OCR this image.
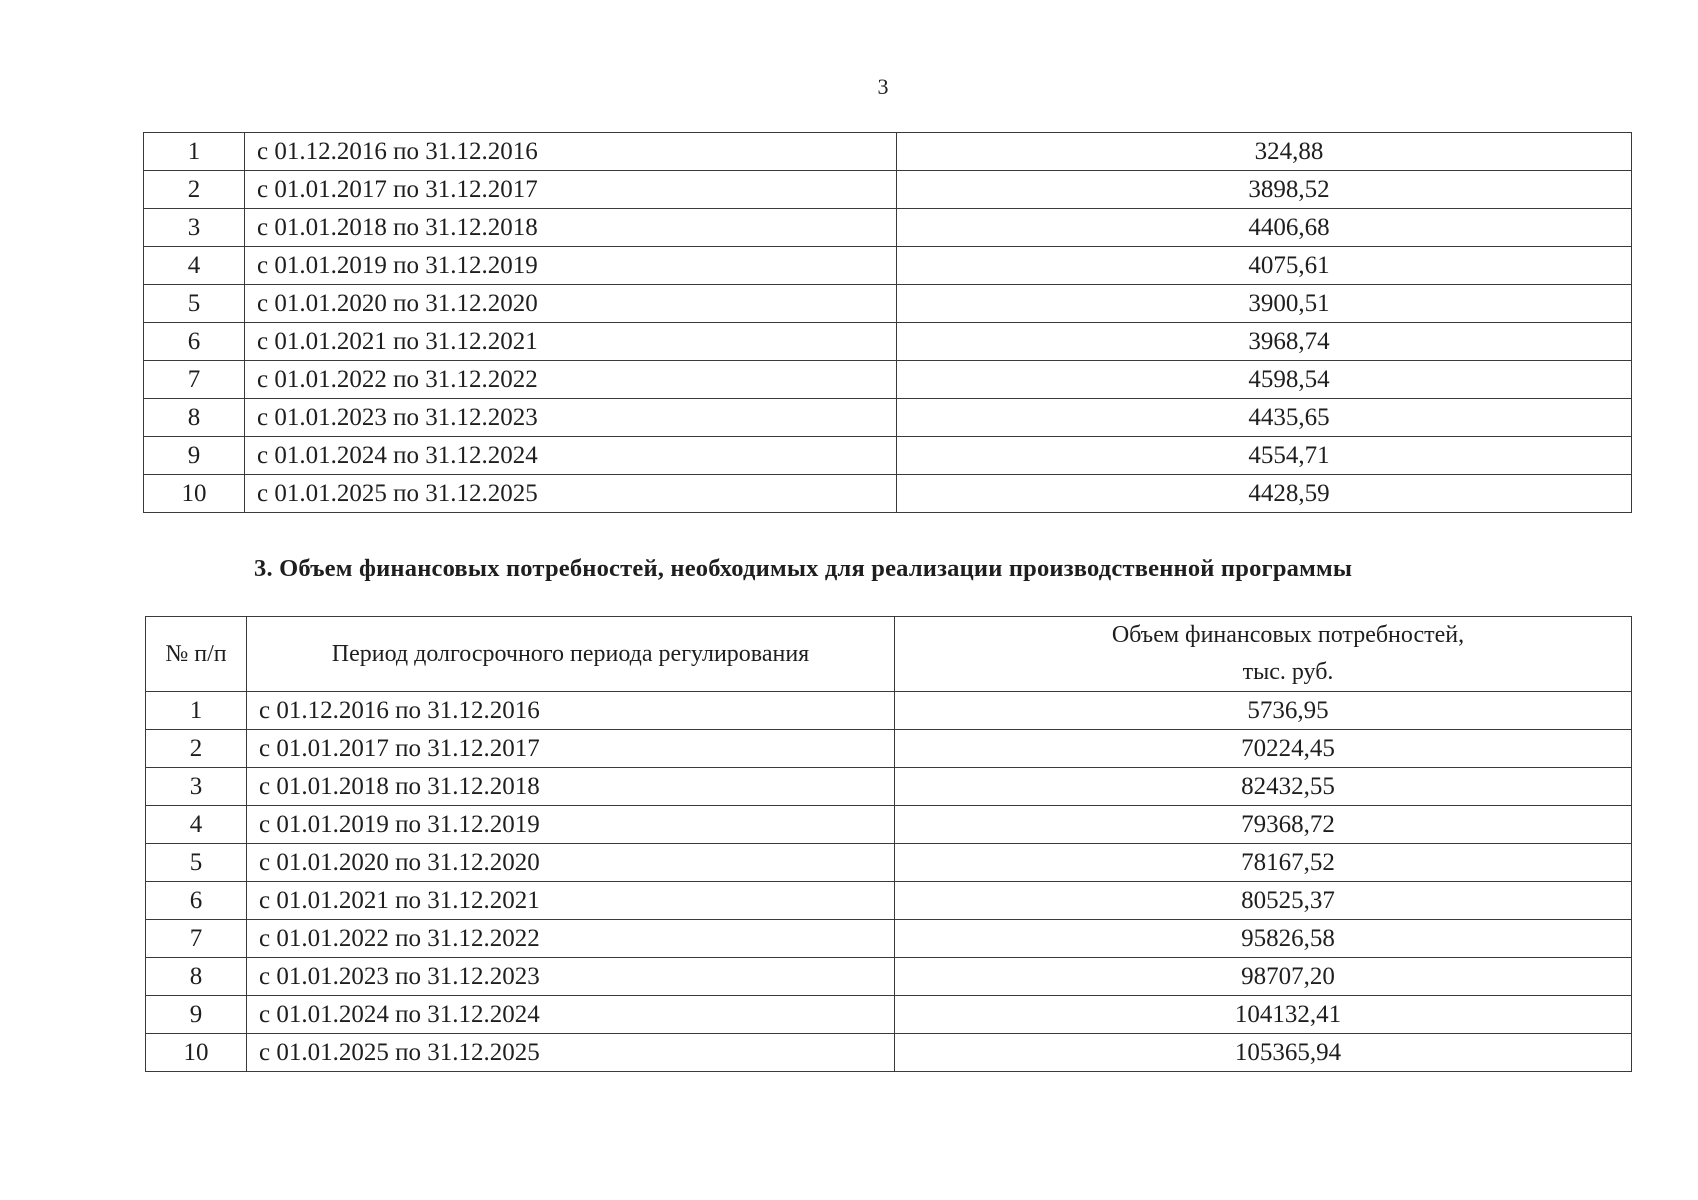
3
1	с 01.12.2016 по 31.12.2016	324,88
2	с 01.01.2017 по 31.12.2017	3898,52
3	с 01.01.2018 по 31.12.2018	4406,68
4	с 01.01.2019 по 31.12.2019	4075,61
5	с 01.01.2020 по 31.12.2020	3900,51
6	с 01.01.2021 по 31.12.2021	3968,74
7	с 01.01.2022 по 31.12.2022	4598,54
8	с 01.01.2023 по 31.12.2023	4435,65
9	с 01.01.2024 по 31.12.2024	4554,71
10	с 01.01.2025 по 31.12.2025	4428,59
3. Объем финансовых потребностей, необходимых для реализации производственной программы
№ п/п	Период долгосрочного периода регулирования	Объем финансовых потребностей,
тыс. руб.

1	с 01.12.2016 по 31.12.2016	5736,95
2	с 01.01.2017 по 31.12.2017	70224,45
3	с 01.01.2018 по 31.12.2018	82432,55
4	с 01.01.2019 по 31.12.2019	79368,72
5	с 01.01.2020 по 31.12.2020	78167,52
6	с 01.01.2021 по 31.12.2021	80525,37
7	с 01.01.2022 по 31.12.2022	95826,58
8	с 01.01.2023 по 31.12.2023	98707,20
9	с 01.01.2024 по 31.12.2024	104132,41
10	с 01.01.2025 по 31.12.2025	105365,94
